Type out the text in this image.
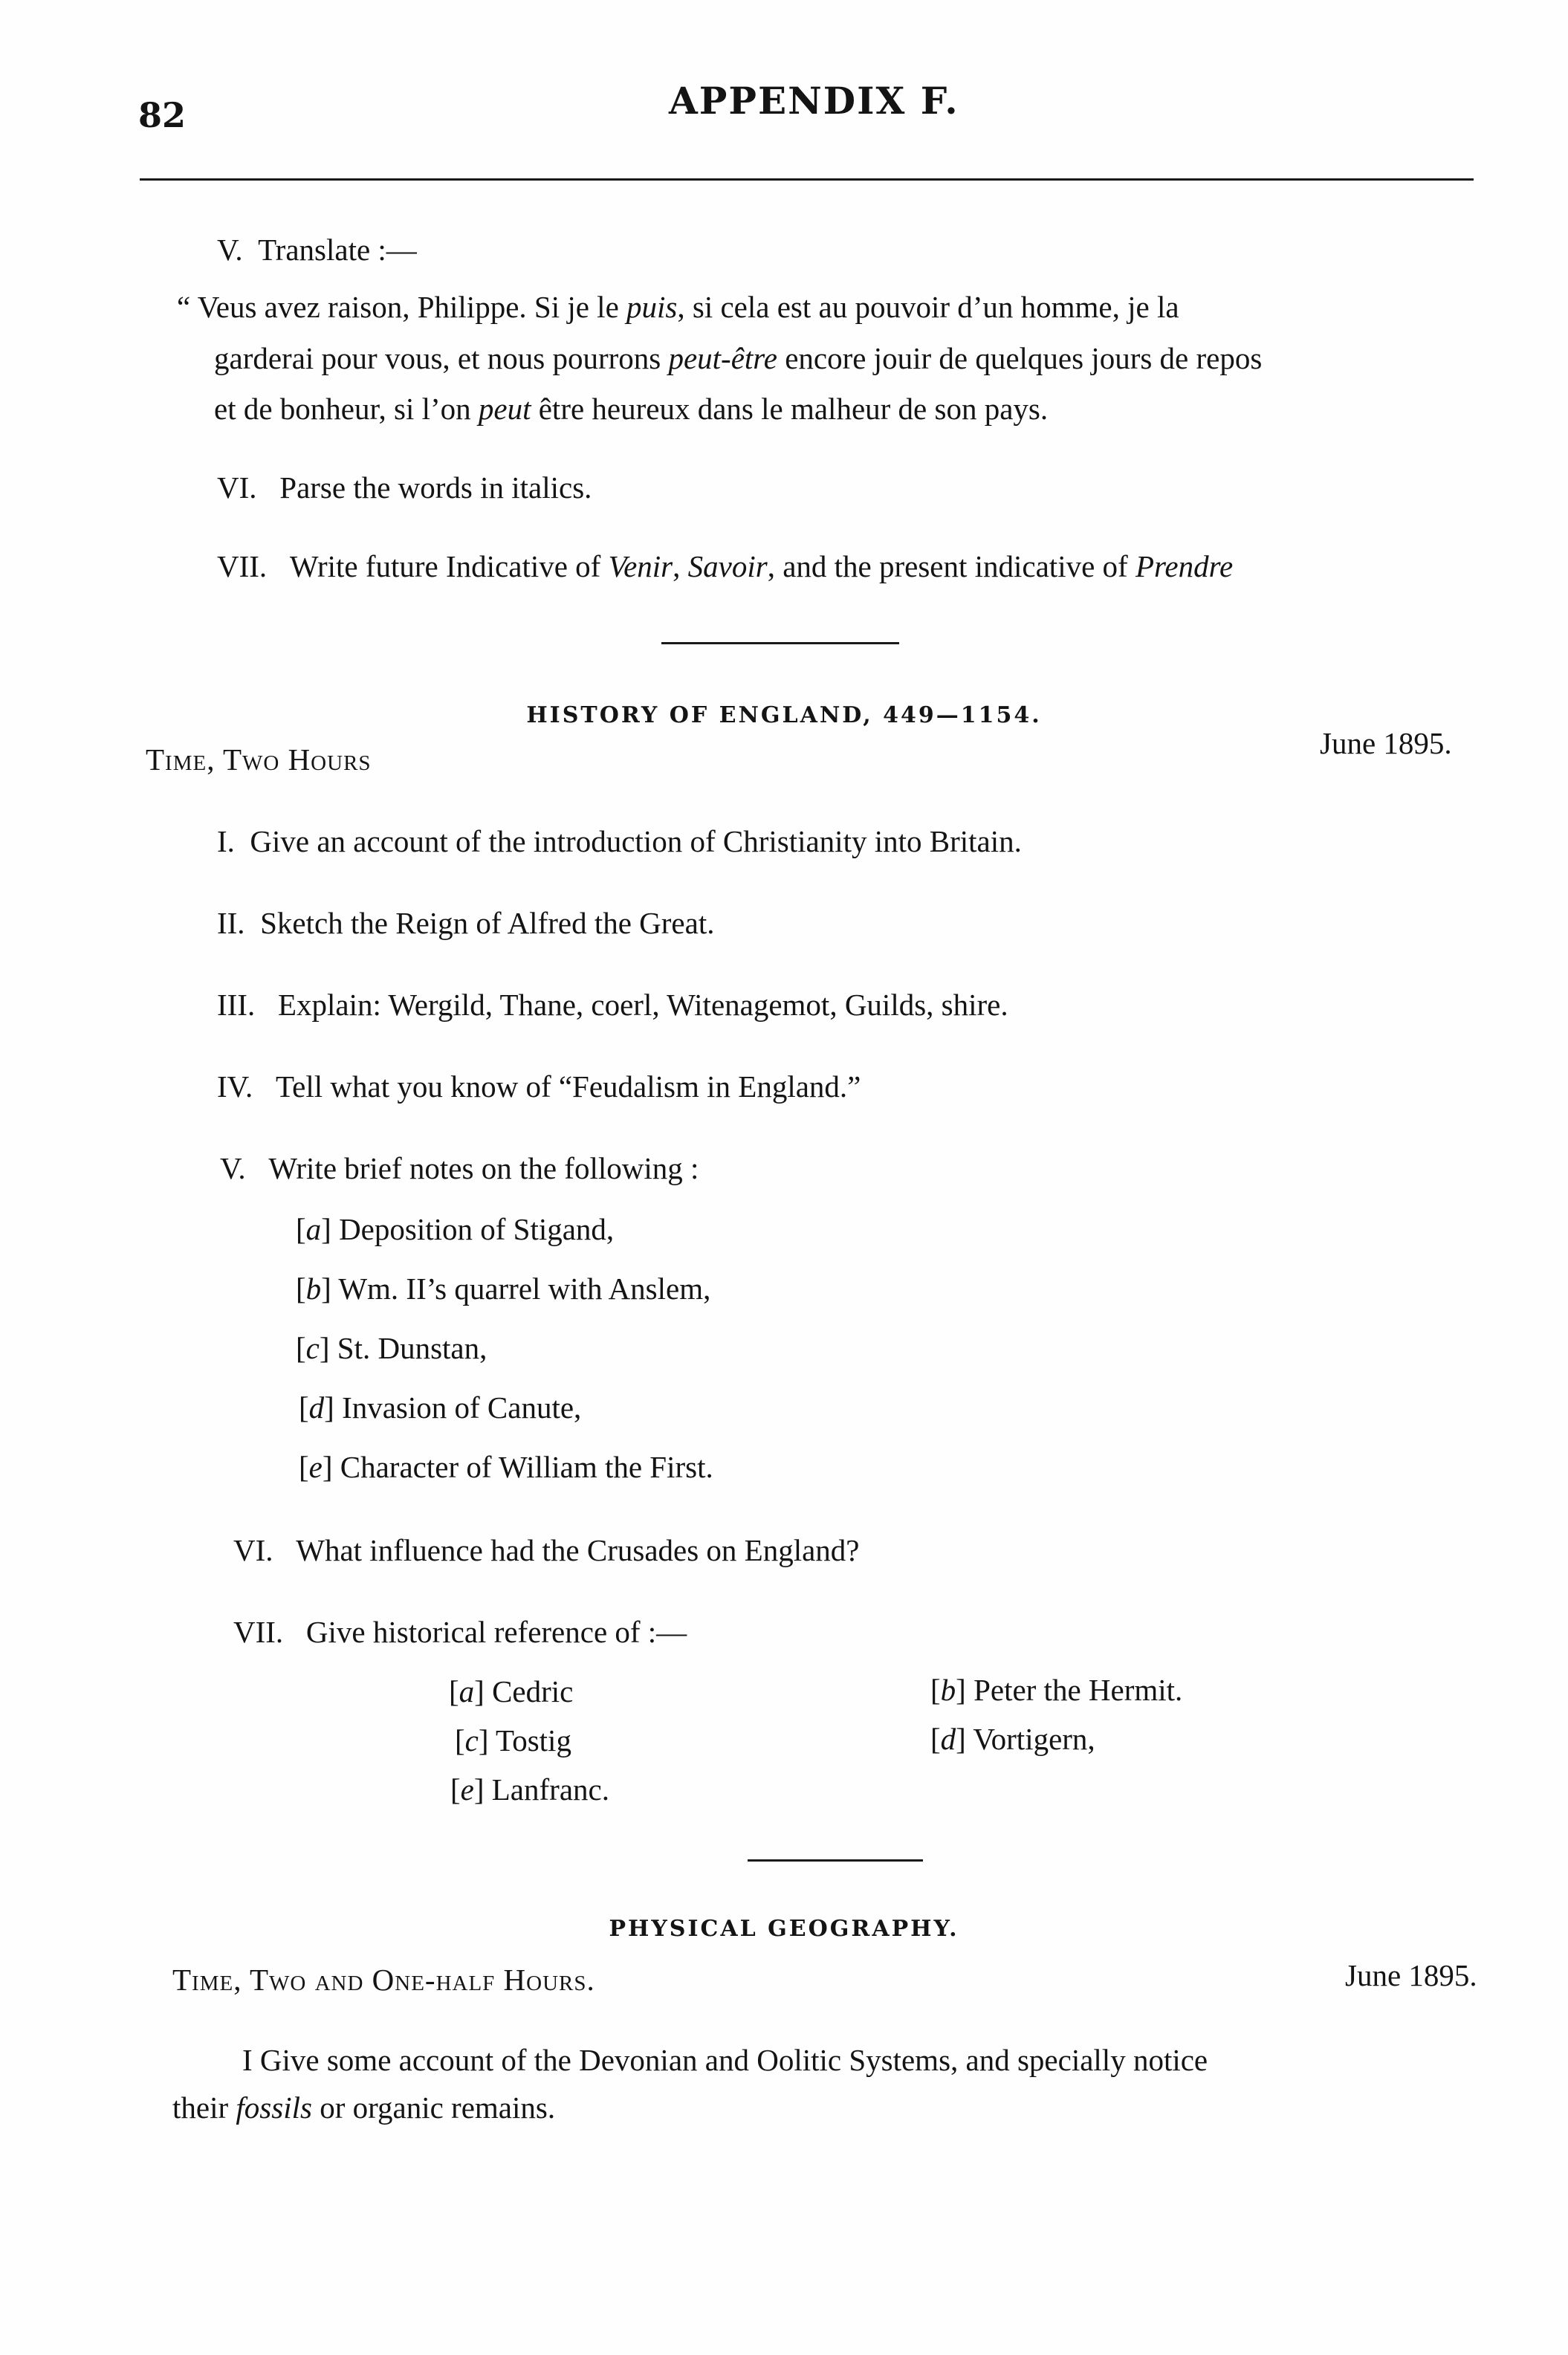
82	APPENDIX F.
V. Translate :—
“ Veus avez raison, Philippe. Si je le puis, si cela est au pouvoir d’un homme, je la
garderai pour vous, et nous pourrons peut-être encore jouir de quelques jours de repos
et de bonheur, si l’on peut être heureux dans le malheur de son pays.
VI. Parse the words in italics.
VII. Write future Indicative of Venir, Savoir, and the present indicative of Prendre
HISTORY OF ENGLAND, 449—1154.
Time, Two Hours	June 1895.
I. Give an account of the introduction of Christianity into Britain.
II. Sketch the Reign of Alfred the Great.
III. Explain: Wergild, Thane, coerl, Witenagemot, Guilds, shire.
IV. Tell what you know of “Feudalism in England.”
V. Write brief notes on the following :
[a] Deposition of Stigand,
[b] Wm. II’s quarrel with Anslem,
[c] St. Dunstan,
[d] Invasion of Canute,
[e] Character of William the First.
VI. What influence had the Crusades on England?
VII. Give historical reference of :—
[a] Cedric	[b] Peter the Hermit.
[c] Tostig	[d] Vortigern,
[e] Lanfranc.
PHYSICAL GEOGRAPHY.
Time, Two and One-half Hours.	June 1895.
I Give some account of the Devonian and Oolitic Systems, and specially notice
their fossils or organic remains.
